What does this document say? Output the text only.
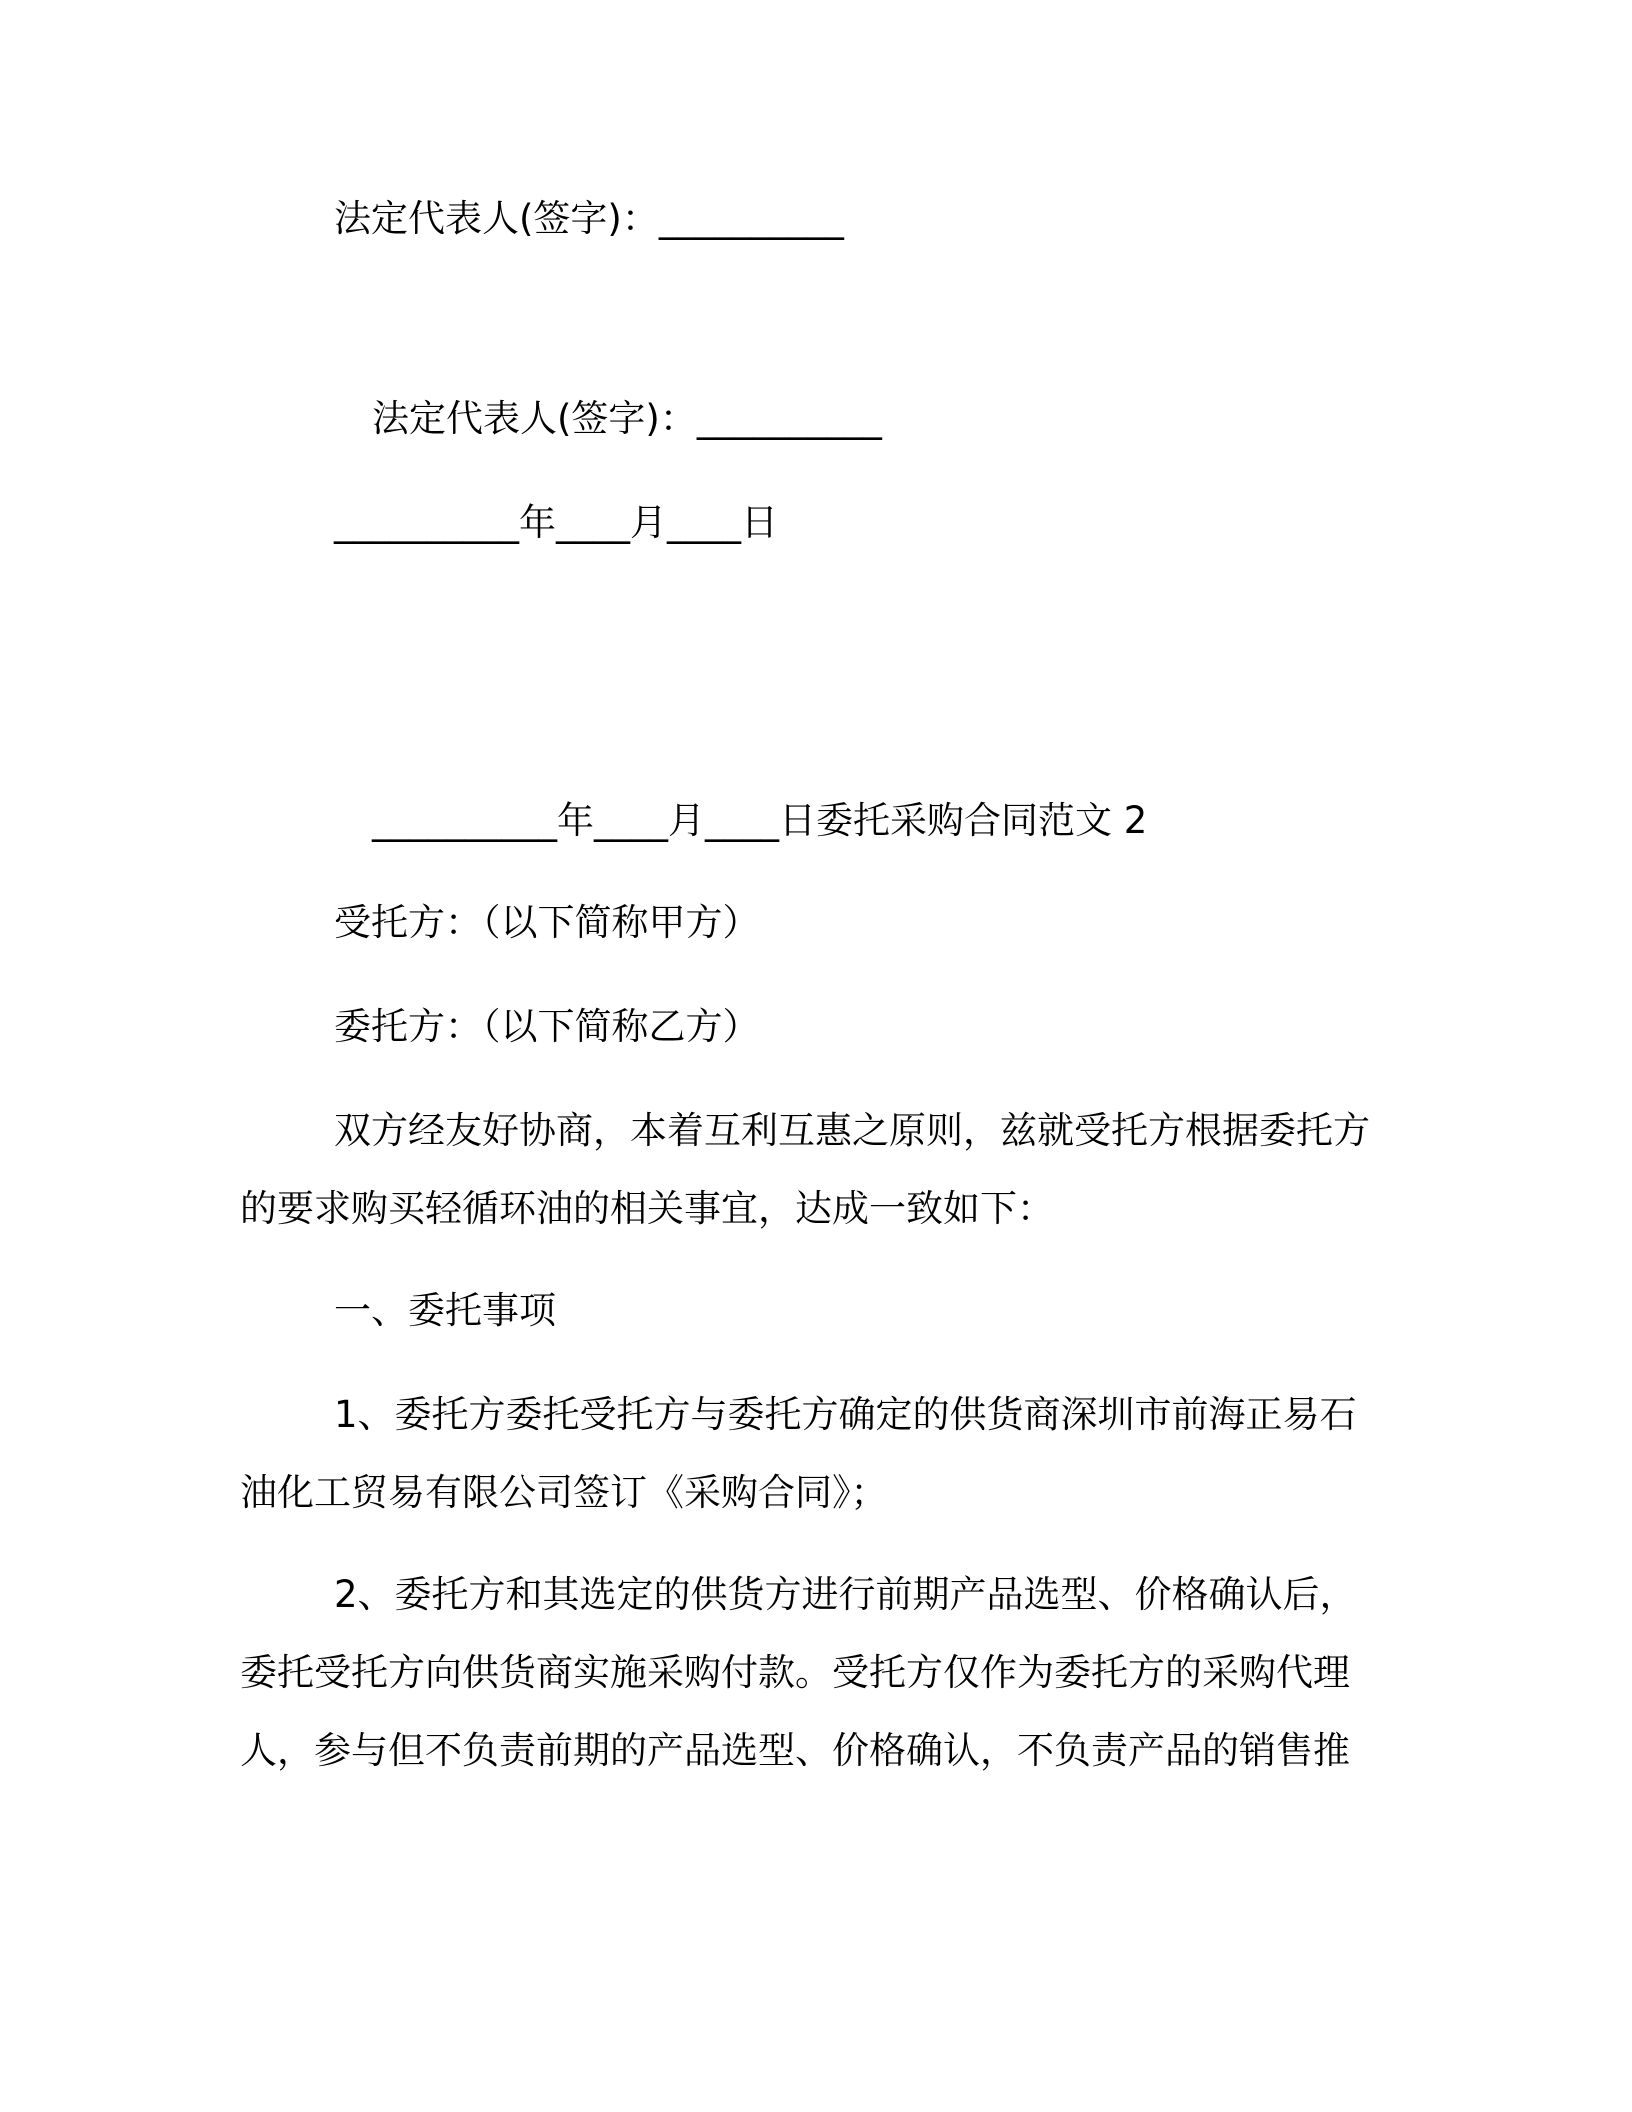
法定代表人(签字)：__________
法定代表人(签字)：__________
__________年____月____日
__________年____月____日委托采购合同范文 2
受托方：（以下简称甲方）
委托方：（以下简称乙方）
双方经友好协商，本着互利互惠之原则，兹就受托方根据委托方
的要求购买轻循环油的相关事宜，达成一致如下：
一、委托事项
1、委托方委托受托方与委托方确定的供货商深圳市前海正易石
油化工贸易有限公司签订《采购合同》；
2、委托方和其选定的供货方进行前期产品选型、价格确认后，
委托受托方向供货商实施采购付款。受托方仅作为委托方的采购代理
人，参与但不负责前期的产品选型、价格确认，不负责产品的销售推
